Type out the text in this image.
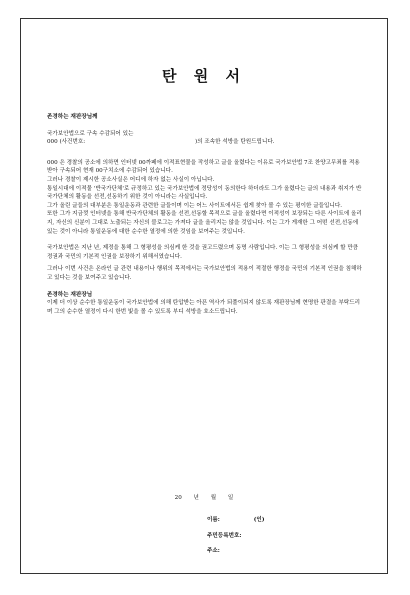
탄 원 서

존경하는 재판장님께

국가보안법으로 구속 수감되어 있는

000 (사건번호:	)의 조속한 석방을 탄원드립니다.

000 은 경찰의 공소에 의하면 인터넷 00까페에 이적표현물을 작성하고 글을 올렸다는 이유로 국가보안법 7조 찬양고무죄를 적용받아 구속되어 현재 00구치소에 수감되어 있습니다.

그러나 경찰이 제시한 공소사실은 어디에 하자 없는 사실이 아닙니다.

통일시대에 이적물 '반국가단체'로 규정하고 있는 국가보안법에 정당성이 동의한다 하더라도 그가 올렸다는 글의 내용과 취지가 반국가단체의 활동을 선전,선동하기 위한 것이 아니라는 사실입니다.

그가 올린 글들의 대부분은 통일운동과 관련한 글들이며 이는 어느 사이트에서든 쉽게 찾아 볼 수 있는 평이한 글들입니다.

또한 그가 지금껏 인터넷을 통해 반국가단체의 활동을 선전,선동할 목적으로 글을 올렸다면 이적성이 보장되는 다른 사이트에 올리지, 자신의 신분이 그대로 노출되는 자신의 블로그는 가져다 글을 올리지는 않을 것입니다. 이는 그가 게재한 그 어떤 선전,선동에 있는 것이 아니라 통일운동에 대한 순수한 열정에 의한 것임을 보여주는 것입니다.

국가보안법은 지난 년, 제정을 통해 그 형평성을 의심케 한 것을 권고드렸으며 동명 사람입니다. 이는 그 형평성을 의심케 할 만큼 정권과 국민의 기본적 인권을 보장하기 위해서였습니다.

그러나 이번 사건은 온라인 글 관련 내용이나 행위의 목적에서는 국가보안법의 적용이 적절한 행정을 국민의 기본적 인권을 침해하고 있다는 것을 보여주고 있습니다.

존경하는 재판장님

이제 더 이상 순수한 통일운동이 국가보안법에 의해 탄압받는 아픈 역사가 되풀이되지 않도록 재판장님께 현명한 판결을 부탁드리며 그의 순수한 열정이 다시 한번 빛을 볼 수 있도록 부디 석방을 호소드립니다.

20 년 월 일
이름:	(인)
주민등록번호:
주소:
